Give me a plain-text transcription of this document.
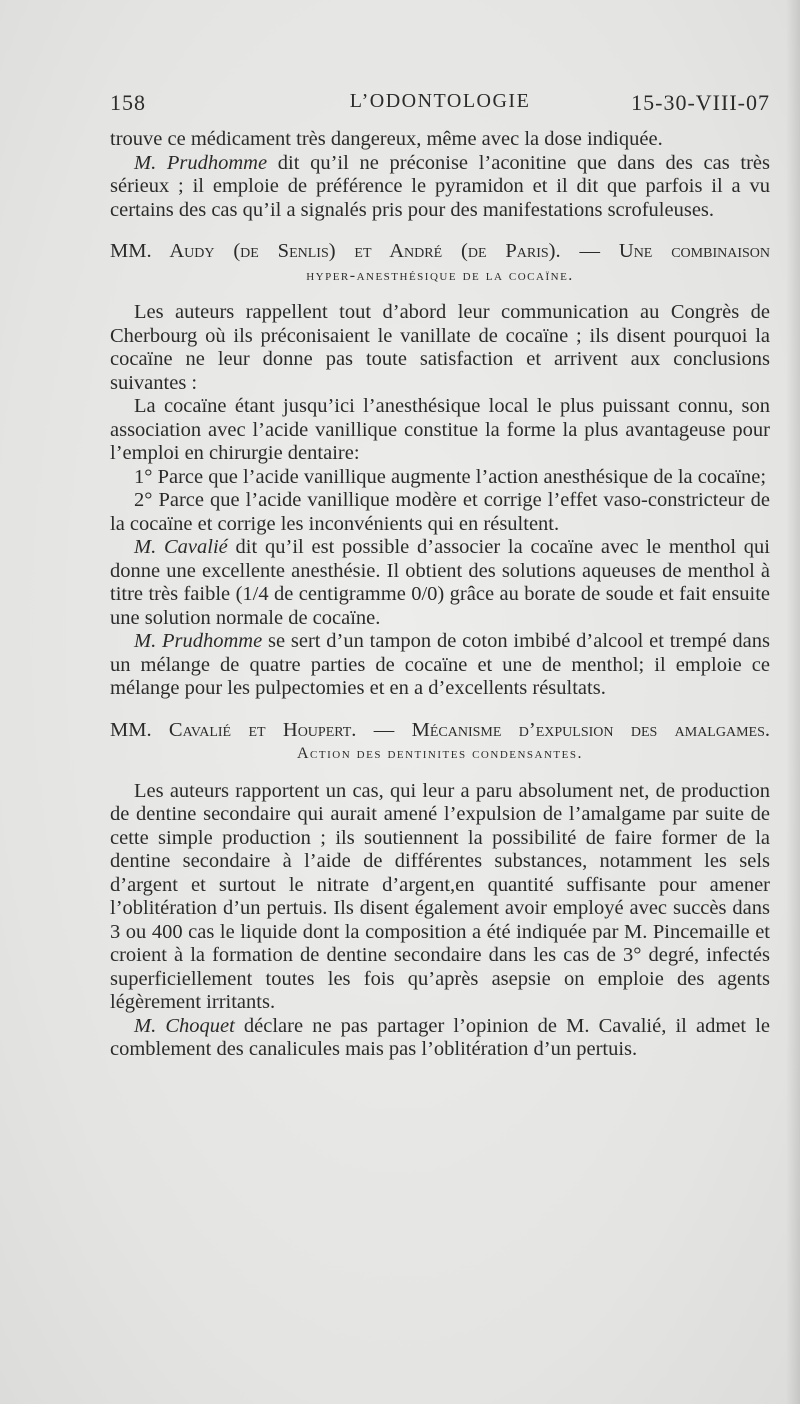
158	L’ODONTOLOGIE	15-30-VIII-07

trouve ce médicament très dangereux, même avec la dose indiquée.

M. Prudhomme dit qu’il ne préconise l’aconitine que dans des cas très sérieux ; il emploie de préférence le pyramidon et il dit que parfois il a vu certains des cas qu’il a signalés pris pour des manifestations scrofuleuses.

MM. Audy (de Senlis) et André (de Paris). — Une combinaison
hyper-anesthésique de la cocaïne.

Les auteurs rappellent tout d’abord leur communication au Congrès de Cherbourg où ils préconisaient le vanillate de cocaïne ; ils disent pourquoi la cocaïne ne leur donne pas toute satisfaction et arrivent aux conclusions suivantes :

La cocaïne étant jusqu’ici l’anesthésique local le plus puissant connu, son association avec l’acide vanillique constitue la forme la plus avantageuse pour l’emploi en chirurgie dentaire:

1° Parce que l’acide vanillique augmente l’action anesthésique de la cocaïne;

2° Parce que l’acide vanillique modère et corrige l’effet vaso-constricteur de la cocaïne et corrige les inconvénients qui en résultent.

M. Cavalié dit qu’il est possible d’associer la cocaïne avec le menthol qui donne une excellente anesthésie. Il obtient des solutions aqueuses de menthol à titre très faible (1/4 de centigramme 0/0) grâce au borate de soude et fait ensuite une solution normale de cocaïne.

M. Prudhomme se sert d’un tampon de coton imbibé d’alcool et trempé dans un mélange de quatre parties de cocaïne et une de menthol; il emploie ce mélange pour les pulpectomies et en a d’excellents résultats.

MM. Cavalié et Houpert. — Mécanisme d’expulsion des amalgames.
Action des dentinites condensantes.

Les auteurs rapportent un cas, qui leur a paru absolument net, de production de dentine secondaire qui aurait amené l’expulsion de l’amalgame par suite de cette simple production ; ils soutiennent la possibilité de faire former de la dentine secondaire à l’aide de différentes substances, notamment les sels d’argent et surtout le nitrate d’argent,en quantité suffisante pour amener l’oblitération d’un pertuis. Ils disent également avoir employé avec succès dans 3 ou 400 cas le liquide dont la composition a été indiquée par M. Pincemaille et croient à la formation de dentine secondaire dans les cas de 3° degré, infectés superficiellement toutes les fois qu’après asepsie on emploie des agents légèrement irritants.

M. Choquet déclare ne pas partager l’opinion de M. Cavalié, il admet le comblement des canalicules mais pas l’oblitération d’un pertuis.
